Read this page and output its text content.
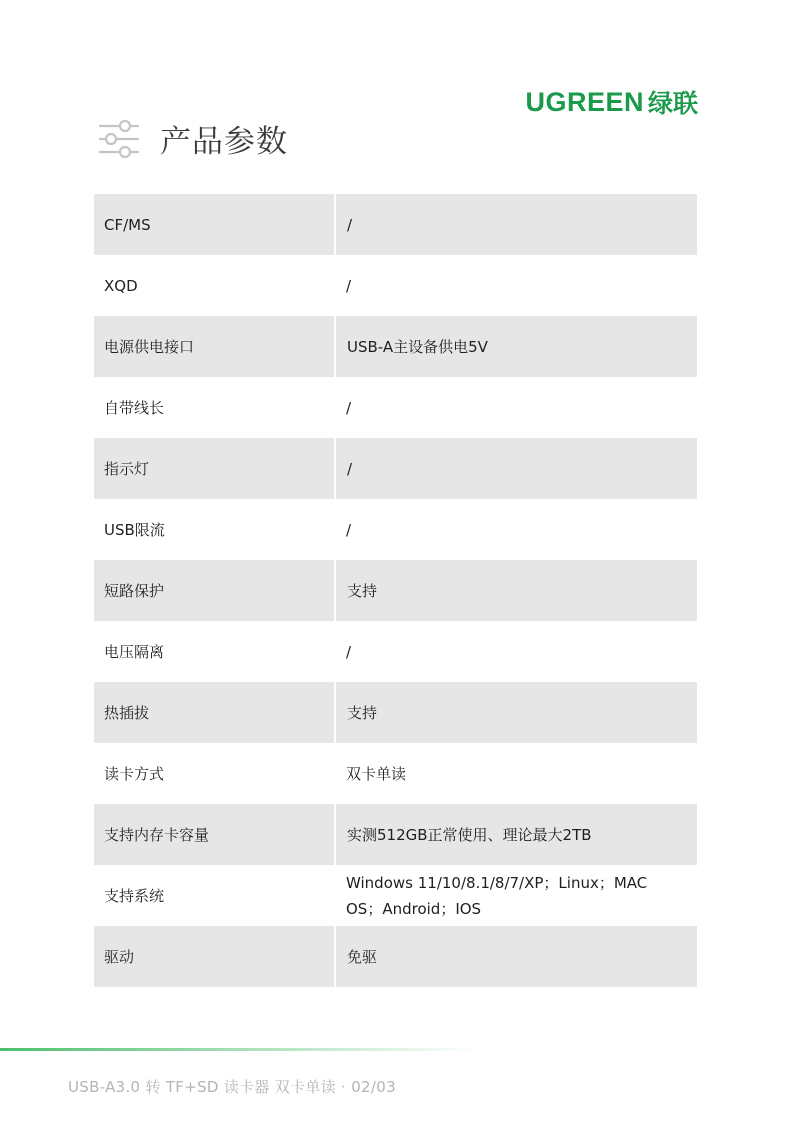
UGREEN 绿联
产品参数
CF/MS	/
XQD	/
电源供电接口	USB-A主设备供电5V
自带线长	/
指示灯	/
USB限流	/
短路保护	支持
电压隔离	/
热插拔	支持
读卡方式	双卡单读
支持内存卡容量	实测512GB正常使用、理论最大2TB
支持系统	Windows 11/10/8.1/8/7/XP；Linux；MAC OS；Android；IOS
驱动	免驱
USB-A3.0 转 TF+SD 读卡器 双卡单读 · 02/03
